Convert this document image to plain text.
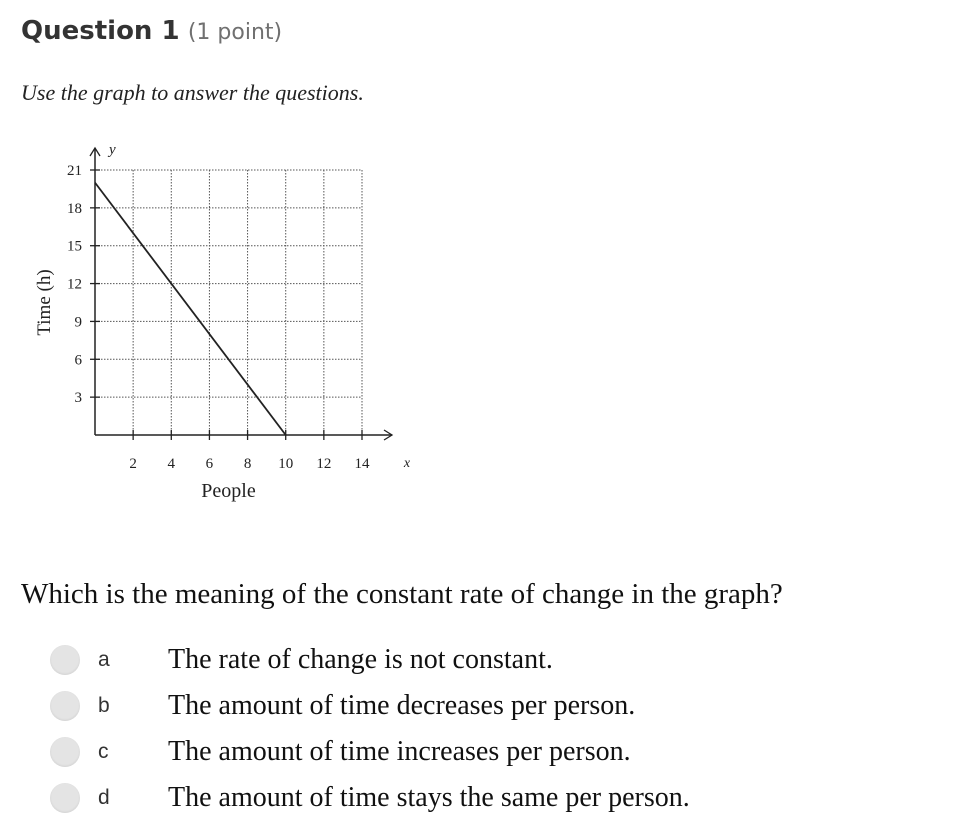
Question 1 (1 point)
Use the graph to answer the questions.
2 4 6 8 10 12 14
3
6
9
12
15
18
21
x
y
People
Time (h)
Which is the meaning of the constant rate of change in the graph?
a The rate of change is not constant.
b The amount of time decreases per person.
c The amount of time increases per person.
d The amount of time stays the same per person.
